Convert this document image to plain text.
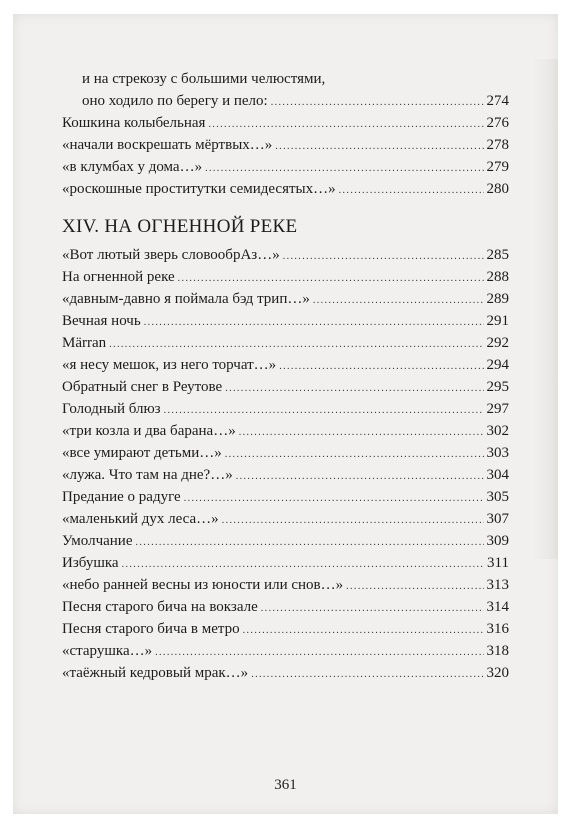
и на стрекозу с большими челюстями,
оно ходило по берегу и пело: .....	274
Кошкина колыбельная .....	276
«начали воскрешать мёртвых…» .....	278
«в клумбах у дома…» .....	279
«роскошные проститутки семидесятых…» .....	280
XIV. НА ОГНЕННОЙ РЕКЕ
«Вот лютый зверь словообрАз…» .....	285
На огненной реке .....	288
«давным-давно я поймала бэд трип…» .....	289
Вечная ночь .....	291
Märran .....	292
«я несу мешок, из него торчат…» .....	294
Обратный снег в Реутове .....	295
Голодный блюз .....	297
«три козла и два барана…» .....	302
«все умирают детьми…» .....	303
«лужа. Что там на дне?…» .....	304
Предание о радуге .....	305
«маленький дух леса…» .....	307
Умолчание .....	309
Избушка .....	311
«небо ранней весны из юности или снов…» .....	313
Песня старого бича на вокзале .....	314
Песня старого бича в метро .....	316
«старушка…» .....	318
«таёжный кедровый мрак…» .....	320
361
